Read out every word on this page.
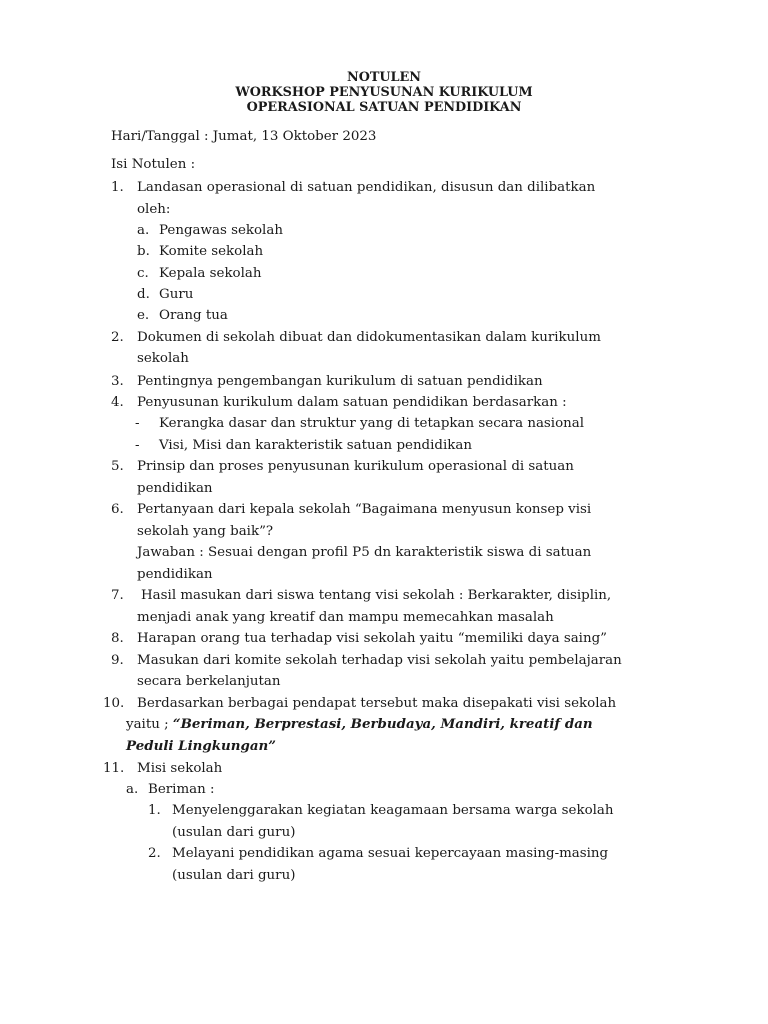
NOTULEN
WORKSHOP PENYUSUNAN KURIKULUM
OPERASIONAL SATUAN PENDIDIKAN
Hari/Tanggal : Jumat, 13 Oktober 2023
Isi Notulen :
1. Landasan operasional di satuan pendidikan, disusun dan dilibatkan
oleh:
a. Pengawas sekolah
b. Komite sekolah
c. Kepala sekolah
d. Guru
e. Orang tua
2. Dokumen di sekolah dibuat dan didokumentasikan dalam kurikulum
sekolah
3. Pentingnya pengembangan kurikulum di satuan pendidikan
4. Penyusunan kurikulum dalam satuan pendidikan berdasarkan :
- Kerangka dasar dan struktur yang di tetapkan secara nasional
- Visi, Misi dan karakteristik satuan pendidikan
5. Prinsip dan proses penyusunan kurikulum operasional di satuan
pendidikan
6. Pertanyaan dari kepala sekolah “Bagaimana menyusun konsep visi
sekolah yang baik”?
Jawaban : Sesuai dengan profil P5 dn karakteristik siswa di satuan
pendidikan
7. Hasil masukan dari siswa tentang visi sekolah : Berkarakter, disiplin,
menjadi anak yang kreatif dan mampu memecahkan masalah
8. Harapan orang tua terhadap visi sekolah yaitu “memiliki daya saing”
9. Masukan dari komite sekolah terhadap visi sekolah yaitu pembelajaran
secara berkelanjutan
10. Berdasarkan berbagai pendapat tersebut maka disepakati visi sekolah
yaitu ; “Beriman, Berprestasi, Berbudaya, Mandiri, kreatif dan
Peduli Lingkungan”
11. Misi sekolah
a. Beriman :
1. Menyelenggarakan kegiatan keagamaan bersama warga sekolah
(usulan dari guru)
2. Melayani pendidikan agama sesuai kepercayaan masing-masing
(usulan dari guru)
